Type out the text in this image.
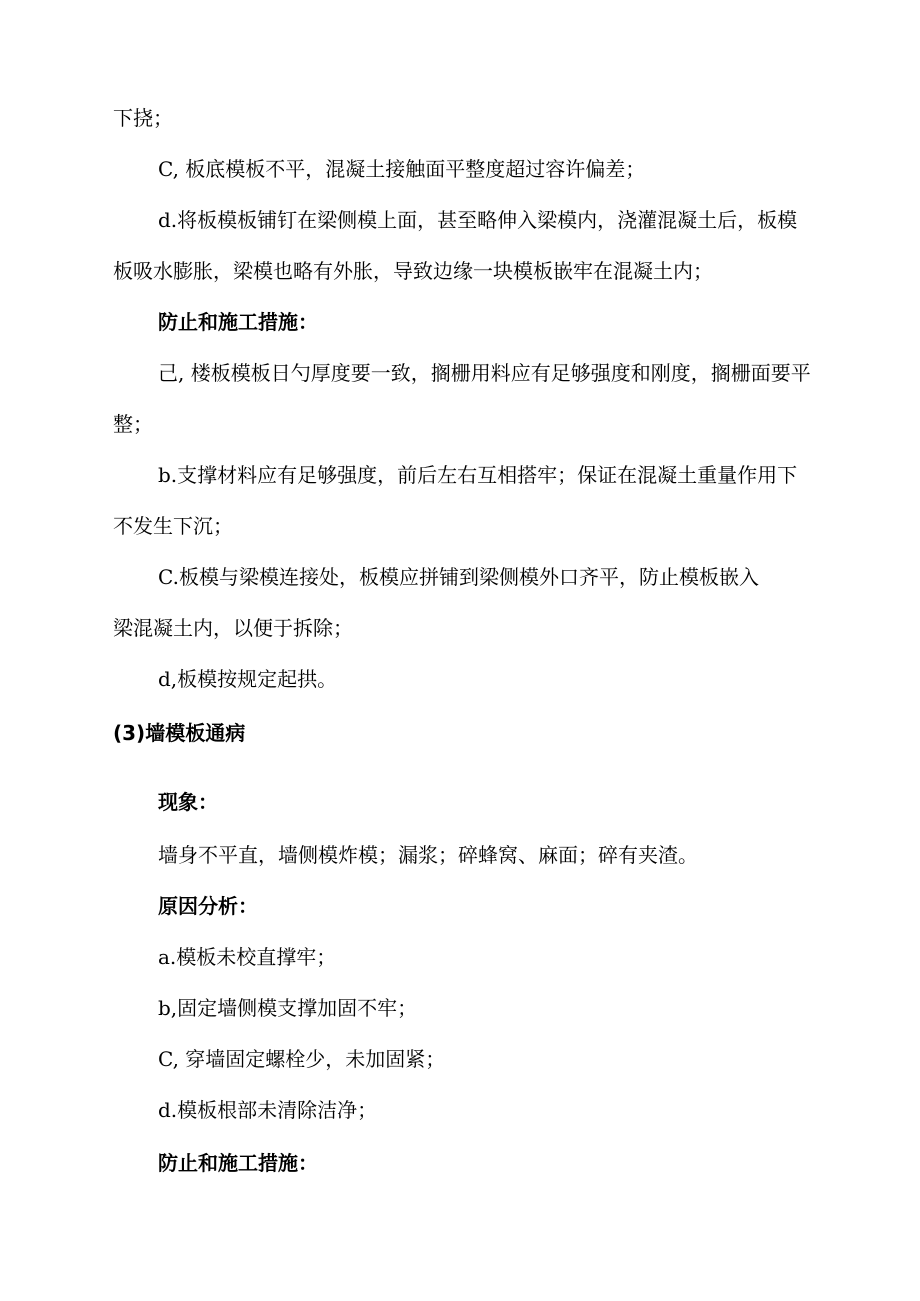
下挠；

C, 板底模板不平，混凝土接触面平整度超过容许偏差；

d.将板模板铺钉在梁侧模上面，甚至略伸入梁模内，浇灌混凝土后，板模

板吸水膨胀，梁模也略有外胀，导致边缘一块模板嵌牢在混凝土内；

防止和施工措施：

己, 楼板模板日勺厚度要一致，搁栅用料应有足够强度和刚度，搁栅面要平

整；

b.支撑材料应有足够强度，前后左右互相搭牢；保证在混凝土重量作用下

不发生下沉；

C.板模与梁模连接处，板模应拼铺到梁侧模外口齐平，防止模板嵌入

梁混凝土内，以便于拆除；

d,板模按规定起拱。

(3)墙模板通病

现象：

墙身不平直，墙侧模炸模；漏浆；碎蜂窝、麻面；碎有夹渣。

原因分析：

a.模板未校直撑牢；

b,固定墙侧模支撑加固不牢；

C, 穿墙固定螺栓少，未加固紧；

d.模板根部未清除洁净；

防止和施工措施：
